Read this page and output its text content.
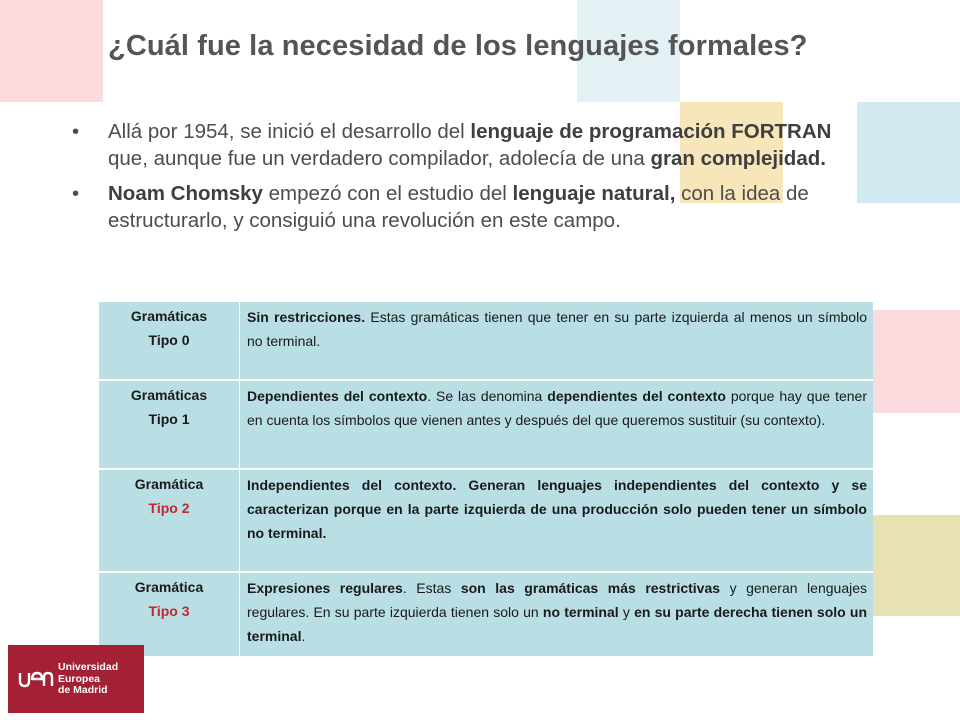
¿Cuál fue la necesidad de los lenguajes formales?
• Allá por 1954, se inició el desarrollo del lenguaje de programación FORTRAN que, aunque fue un verdadero compilador, adolecía de una gran complejidad.
• Noam Chomsky empezó con el estudio del lenguaje natural, con la idea de estructurarlo, y consiguió una revolución en este campo.
Gramáticas
Tipo 0	Sin restricciones. Estas gramáticas tienen que tener en su parte izquierda al menos un símbolo no terminal.

Gramáticas
Tipo 1	Dependientes del contexto. Se las denomina dependientes del contexto porque hay que tener en cuenta los símbolos que vienen antes y después del que queremos sustituir (su contexto).

Gramática
Tipo 2	Independientes del contexto. Generan lenguajes independientes del contexto y se caracterizan porque en la parte izquierda de una producción solo pueden tener un símbolo no terminal.

Gramática
Tipo 3	Expresiones regulares. Estas son las gramáticas más restrictivas y generan lenguajes regulares. En su parte izquierda tienen solo un no terminal y en su parte derecha tienen solo un terminal.
Universidad
Europea
de Madrid
